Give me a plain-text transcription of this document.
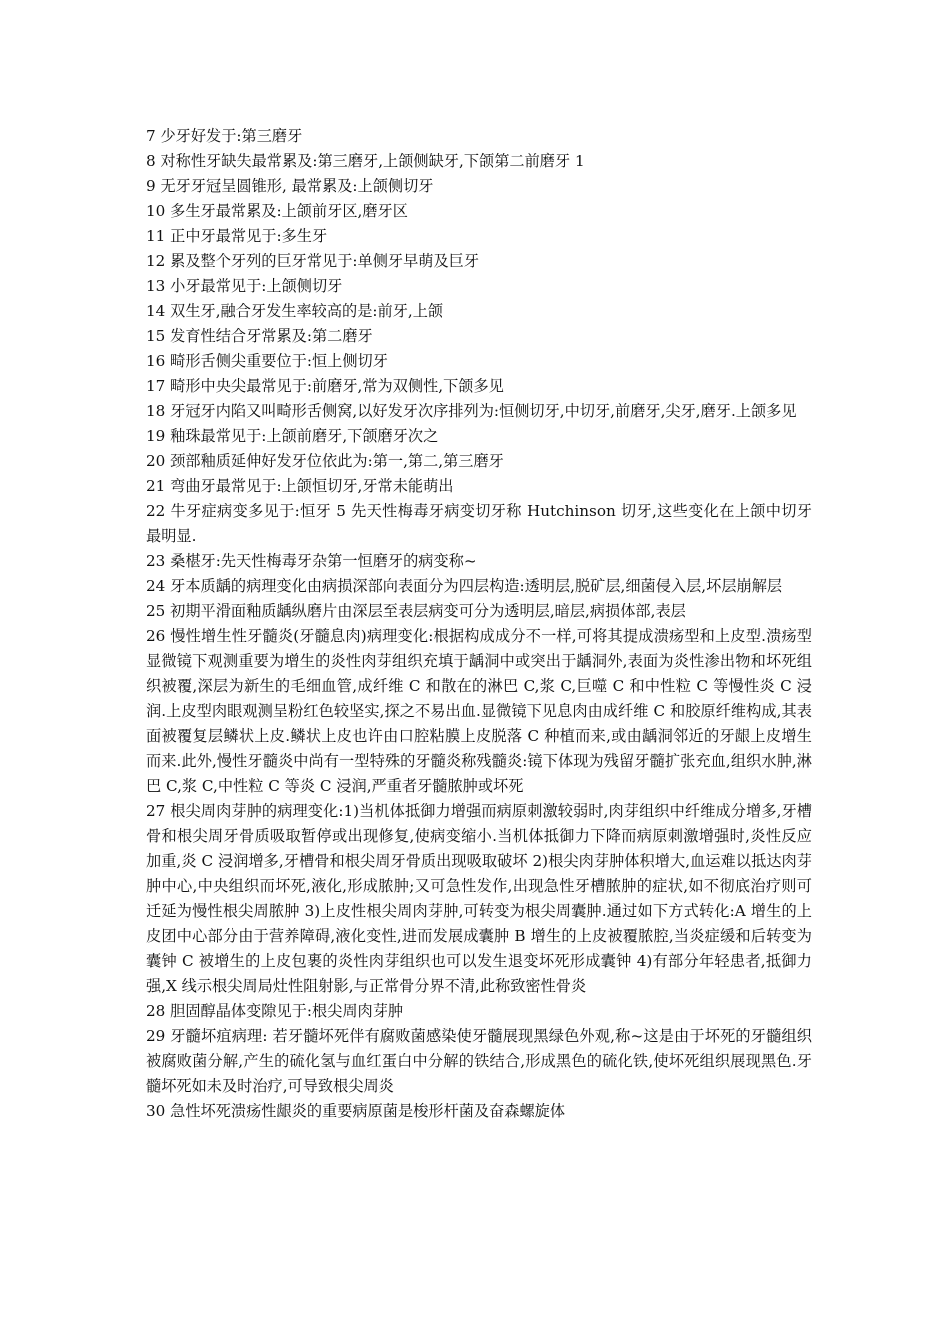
7 少牙好发于:第三磨牙

8 对称性牙缺失最常累及:第三磨牙,上颌侧缺牙,下颌第二前磨牙 1

9 无牙牙冠呈圆锥形, 最常累及:上颌侧切牙

10 多生牙最常累及:上颌前牙区,磨牙区

11 正中牙最常见于:多生牙

12 累及整个牙列的巨牙常见于:单侧牙早萌及巨牙

13 小牙最常见于:上颌侧切牙

14 双生牙,融合牙发生率较高的是:前牙,上颌

15 发育性结合牙常累及:第二磨牙

16 畸形舌侧尖重要位于:恒上侧切牙

17 畸形中央尖最常见于:前磨牙,常为双侧性,下颌多见

18 牙冠牙内陷又叫畸形舌侧窝,以好发牙次序排列为:恒侧切牙,中切牙,前磨牙,尖牙,磨牙.上颌多见

19 釉珠最常见于:上颌前磨牙,下颌磨牙次之

20 颈部釉质延伸好发牙位依此为:第一,第二,第三磨牙

21 弯曲牙最常见于:上颌恒切牙,牙常未能萌出

22 牛牙症病变多见于:恒牙 5 先天性梅毒牙病变切牙称 Hutchinson 切牙,这些变化在上颌中切牙最明显.

23 桑椹牙:先天性梅毒牙杂第一恒磨牙的病变称~

24 牙本质龋的病理变化由病损深部向表面分为四层构造:透明层,脱矿层,细菌侵入层,坏层崩解层

25 初期平滑面釉质龋纵磨片由深层至表层病变可分为透明层,暗层,病损体部,表层

26 慢性增生性牙髓炎(牙髓息肉)病理变化:根据构成成分不一样,可将其提成溃疡型和上皮型.溃疡型显微镜下观测重要为增生的炎性肉芽组织充填于龋洞中或突出于龋洞外,表面为炎性渗出物和坏死组织被覆,深层为新生的毛细血管,成纤维 C 和散在的淋巴 C,浆 C,巨噬 C 和中性粒 C 等慢性炎 C 浸润.上皮型肉眼观测呈粉红色较坚实,探之不易出血.显微镜下见息肉由成纤维 C 和胶原纤维构成,其表面被覆复层鳞状上皮.鳞状上皮也许由口腔粘膜上皮脱落 C 种植而来,或由龋洞邻近的牙龈上皮增生而来.此外,慢性牙髓炎中尚有一型特殊的牙髓炎称残髓炎:镜下体现为残留牙髓扩张充血,组织水肿,淋巴 C,浆 C,中性粒 C 等炎 C 浸润,严重者牙髓脓肿或坏死

27 根尖周肉芽肿的病理变化:1)当机体抵御力增强而病原刺激较弱时,肉芽组织中纤维成分增多,牙槽骨和根尖周牙骨质吸取暂停或出现修复,使病变缩小.当机体抵御力下降而病原刺激增强时,炎性反应加重,炎 C 浸润增多,牙槽骨和根尖周牙骨质出现吸取破坏 2)根尖肉芽肿体积增大,血运难以抵达肉芽肿中心,中央组织而坏死,液化,形成脓肿;又可急性发作,出现急性牙槽脓肿的症状,如不彻底治疗则可迁延为慢性根尖周脓肿 3)上皮性根尖周肉芽肿,可转变为根尖周囊肿.通过如下方式转化:A 增生的上皮团中心部分由于营养障碍,液化变性,进而发展成囊肿 B 增生的上皮被覆脓腔,当炎症缓和后转变为囊钟 C 被增生的上皮包裹的炎性肉芽组织也可以发生退变坏死形成囊钟 4)有部分年轻患者,抵御力强,X 线示根尖周局灶性阻射影,与正常骨分界不清,此称致密性骨炎

28 胆固醇晶体变隙见于:根尖周肉芽肿

29 牙髓坏疽病理: 若牙髓坏死伴有腐败菌感染使牙髓展现黑绿色外观,称~这是由于坏死的牙髓组织被腐败菌分解,产生的硫化氢与血红蛋白中分解的铁结合,形成黑色的硫化铁,使坏死组织展现黑色.牙髓坏死如未及时治疗,可导致根尖周炎

30 急性坏死溃疡性龈炎的重要病原菌是梭形杆菌及奋森螺旋体
